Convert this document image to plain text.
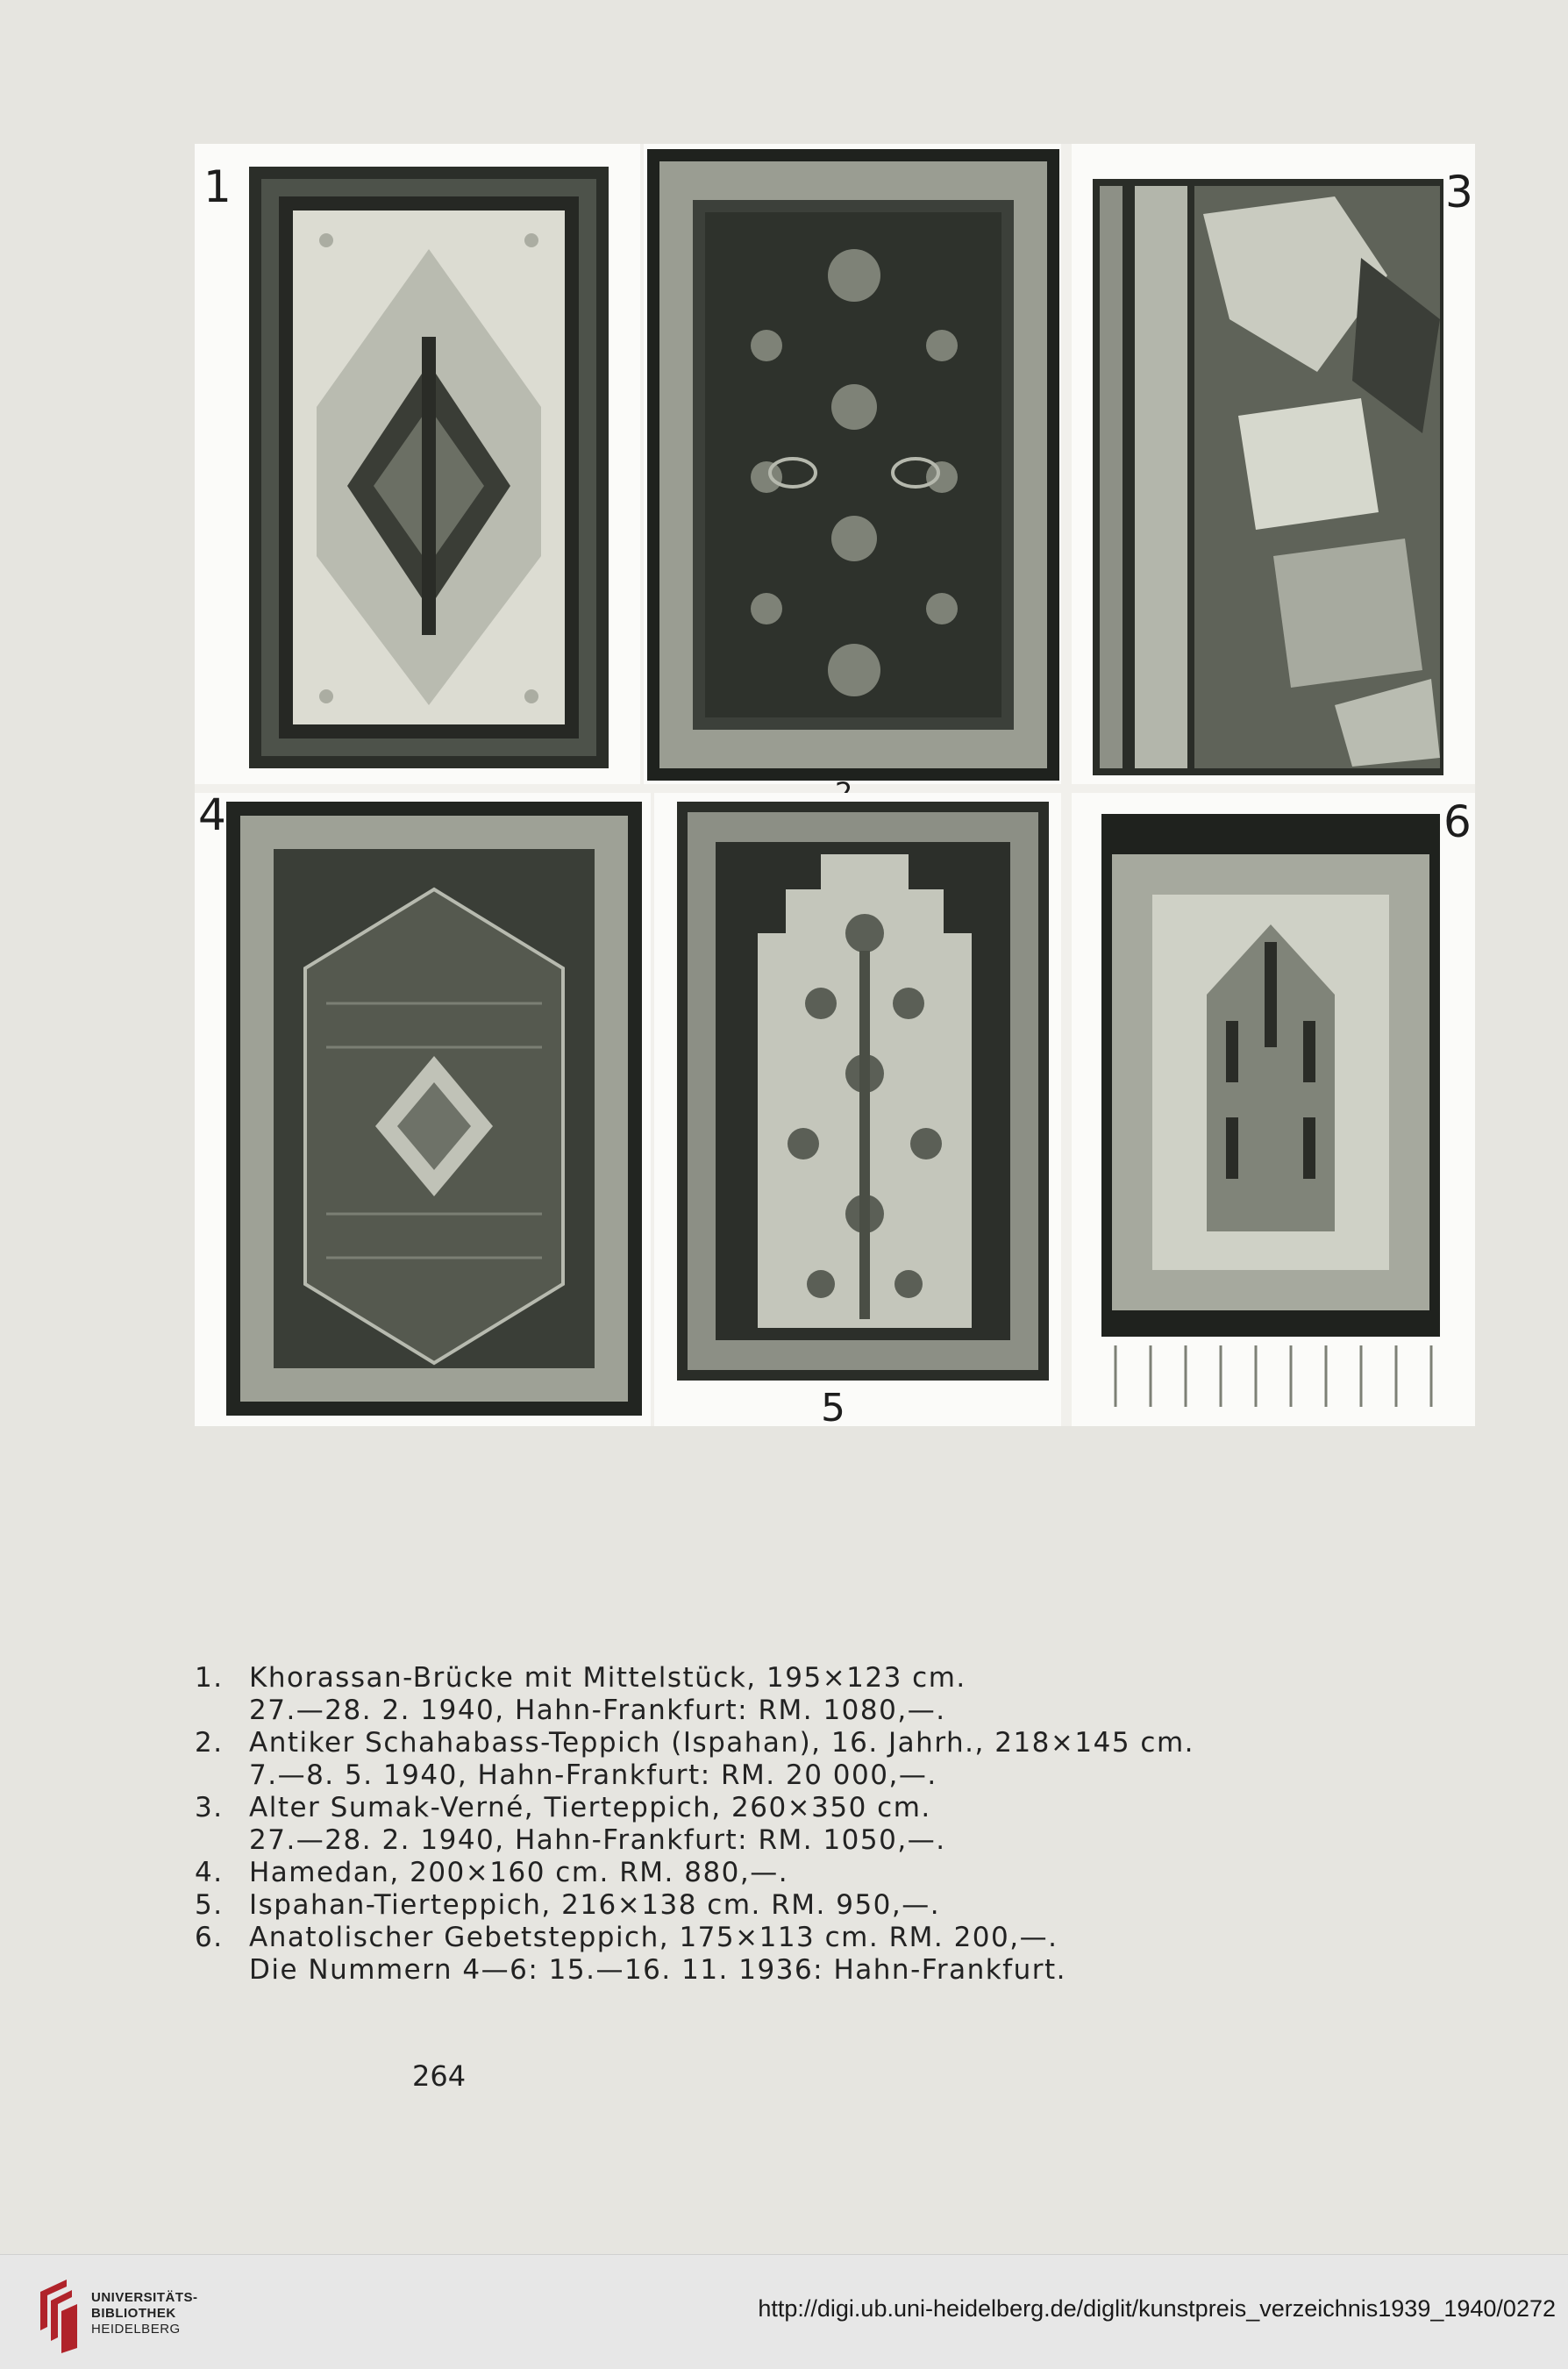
1	3
4
5
6
1. Khorassan-Brücke mit Mittelstück, 195×123 cm.
27.—28. 2. 1940, Hahn-Frankfurt: RM. 1080,—.
2. Antiker Schahabass-Teppich (Ispahan), 16. Jahrh., 218×145 cm.
7.—8. 5. 1940, Hahn-Frankfurt: RM. 20 000,—.
3. Alter Sumak-Verné, Tierteppich, 260×350 cm.
27.—28. 2. 1940, Hahn-Frankfurt: RM. 1050,—.
4. Hamedan, 200×160 cm. RM. 880,—.
5. Ispahan-Tierteppich, 216×138 cm. RM. 950,—.
6. Anatolischer Gebetsteppich, 175×113 cm. RM. 200,—.
Die Nummern 4—6: 15.—16. 11. 1936: Hahn-Frankfurt.
264
UNIVERSITÄTS-
BIBLIOTHEK
HEIDELBERG
http://digi.ub.uni-heidelberg.de/diglit/kunstpreis_verzeichnis1939_1940/0272
